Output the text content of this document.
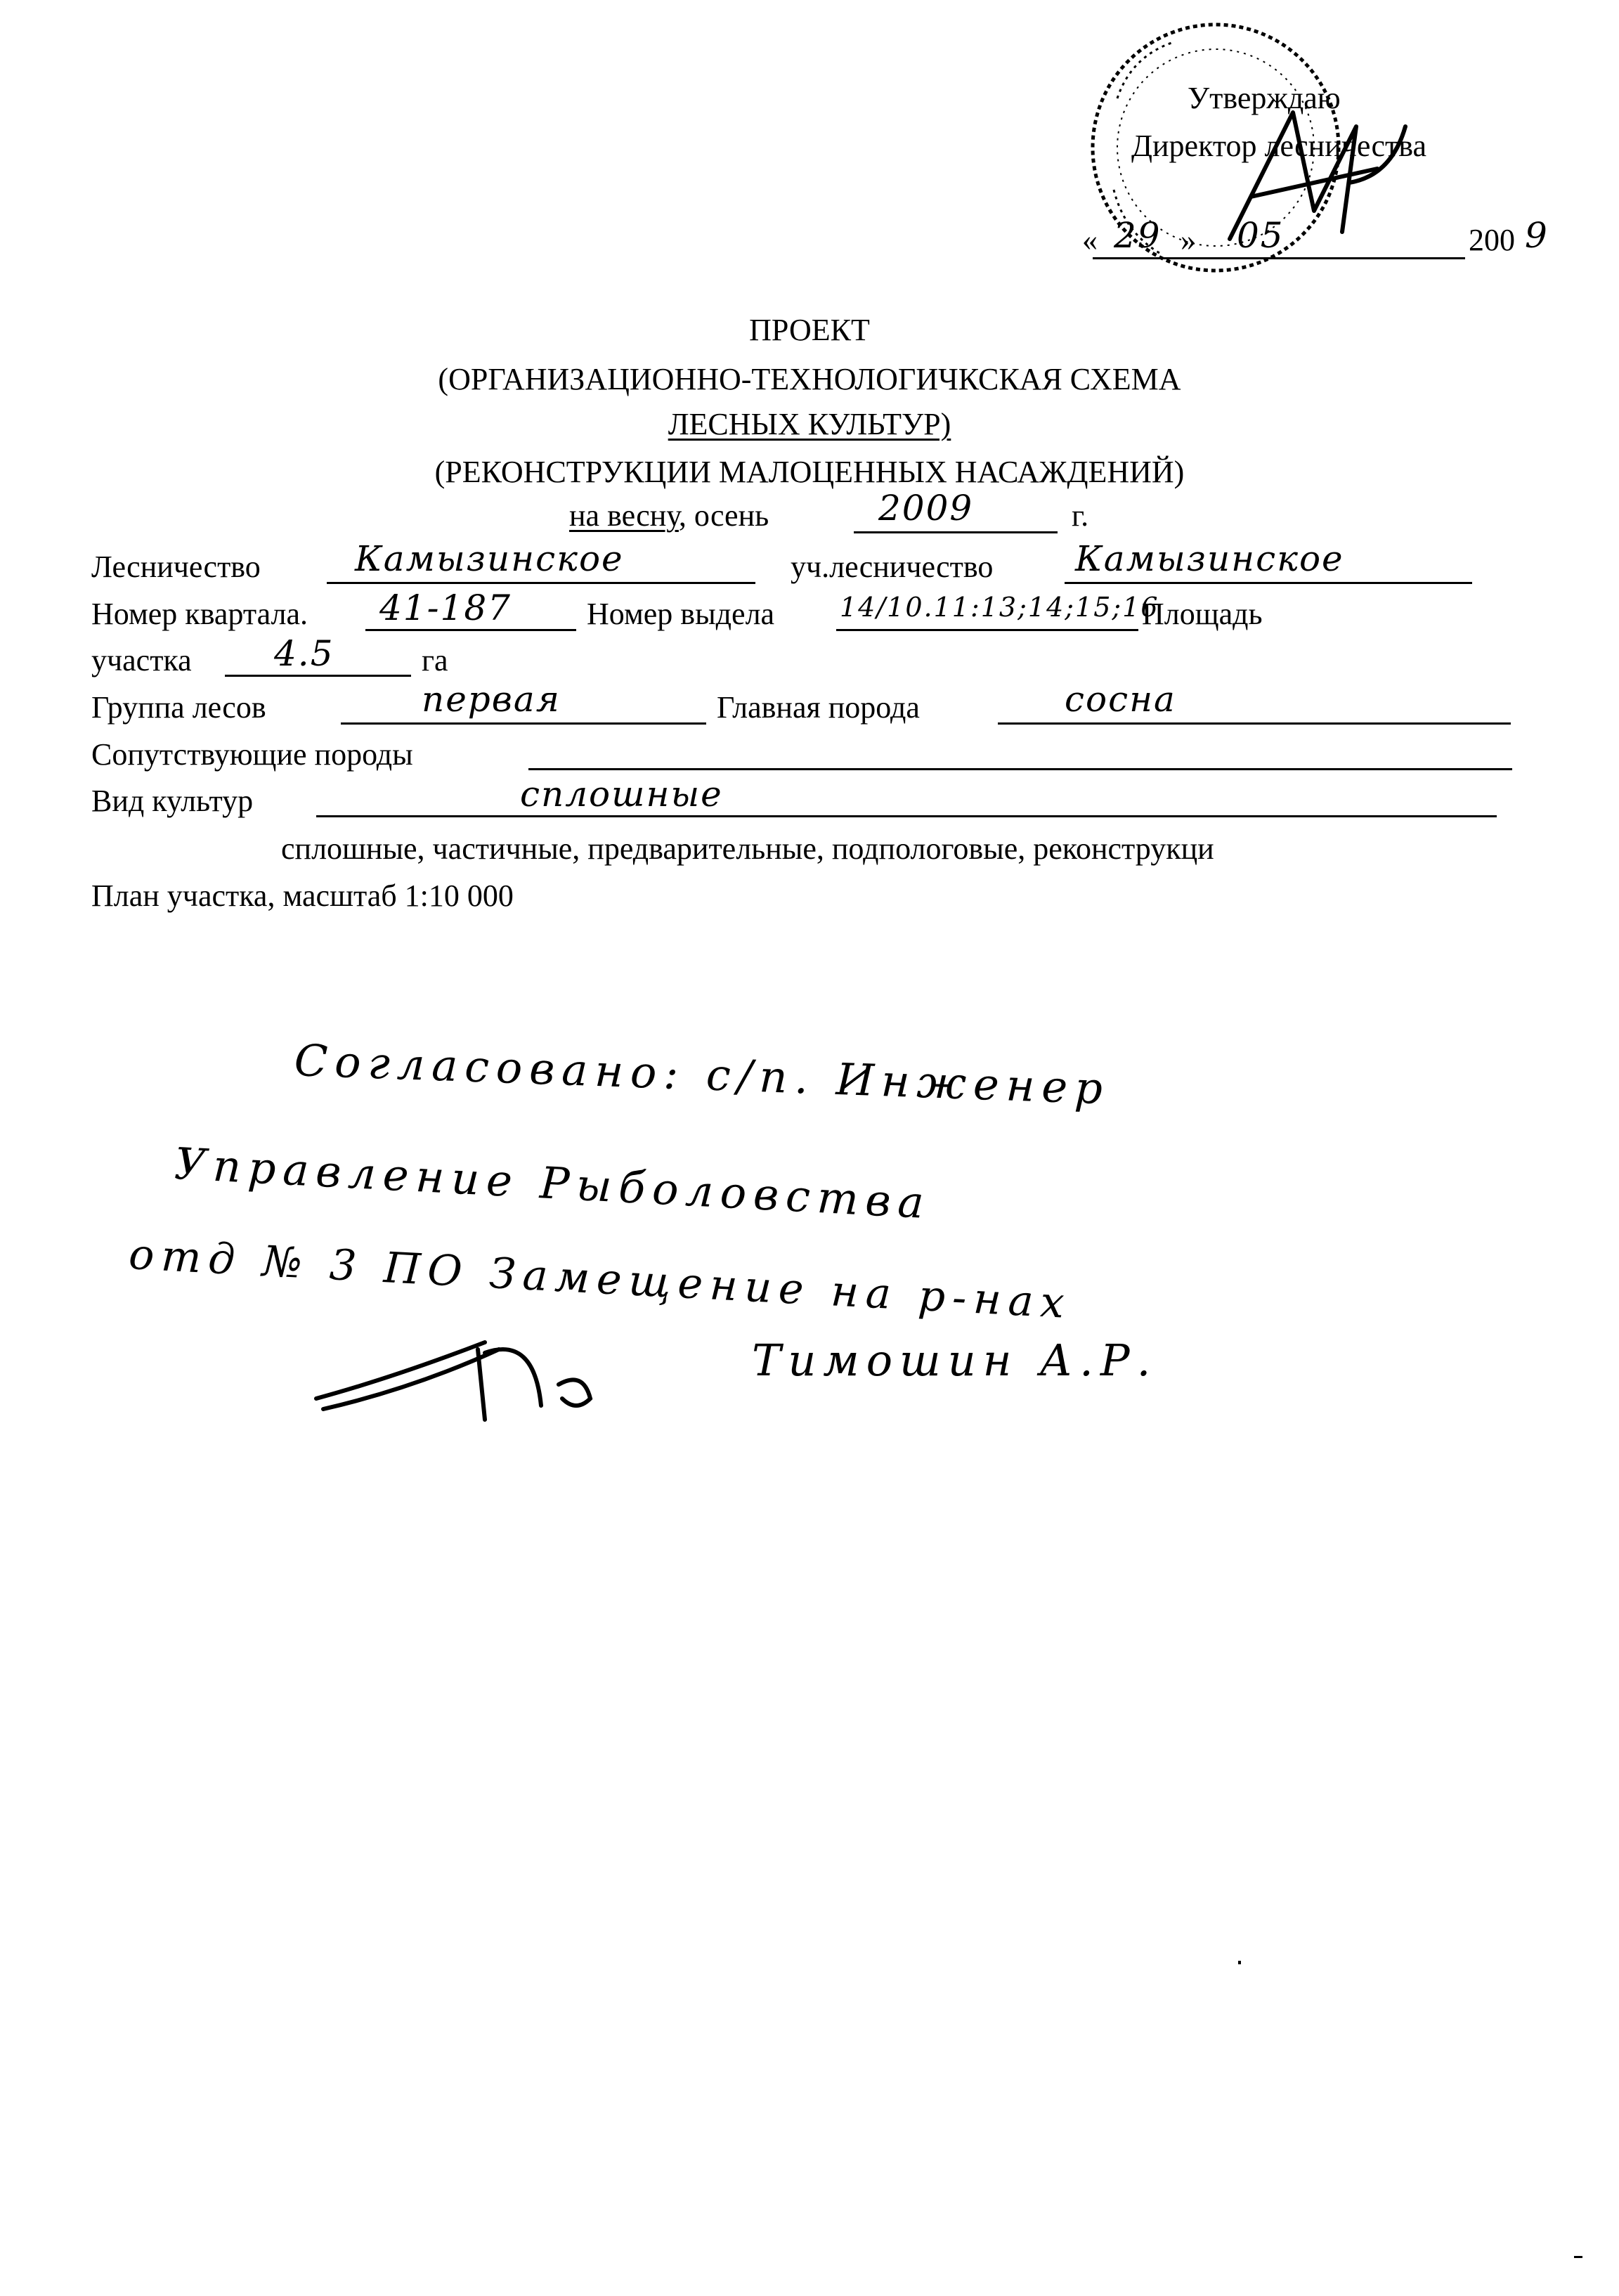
Утверждаю
Директор лесничества
« 29 » 05	200 9
ПРОЕКТ
(ОРГАНИЗАЦИОННО-ТЕХНОЛОГИЧКСКАЯ СХЕМА
ЛЕСНЫХ КУЛЬТУР)
(РЕКОНСТРУКЦИИ МАЛОЦЕННЫХ НАСАЖДЕНИЙ)
на весну, осень	2009	г.
Лесничество	Камызинское	уч.лесничество Камызинское
Номер квартала. 41-187 Номер выдела 14/10.11:13;14;15;16
Площадь
участка 4.5	га
Группа лесов	первая	Главная порода	сосна
Сопутствующие породы
Вид культур	сплошные
сплошные, частичные, предварительные, подпологовые, реконструкци
План участка, масштаб 1:10 000
Согласовано: с/п. Инженер
Управление Рыболовства
отд № 3 ПО Замещение на р-нах
Тимошин А.Р.
